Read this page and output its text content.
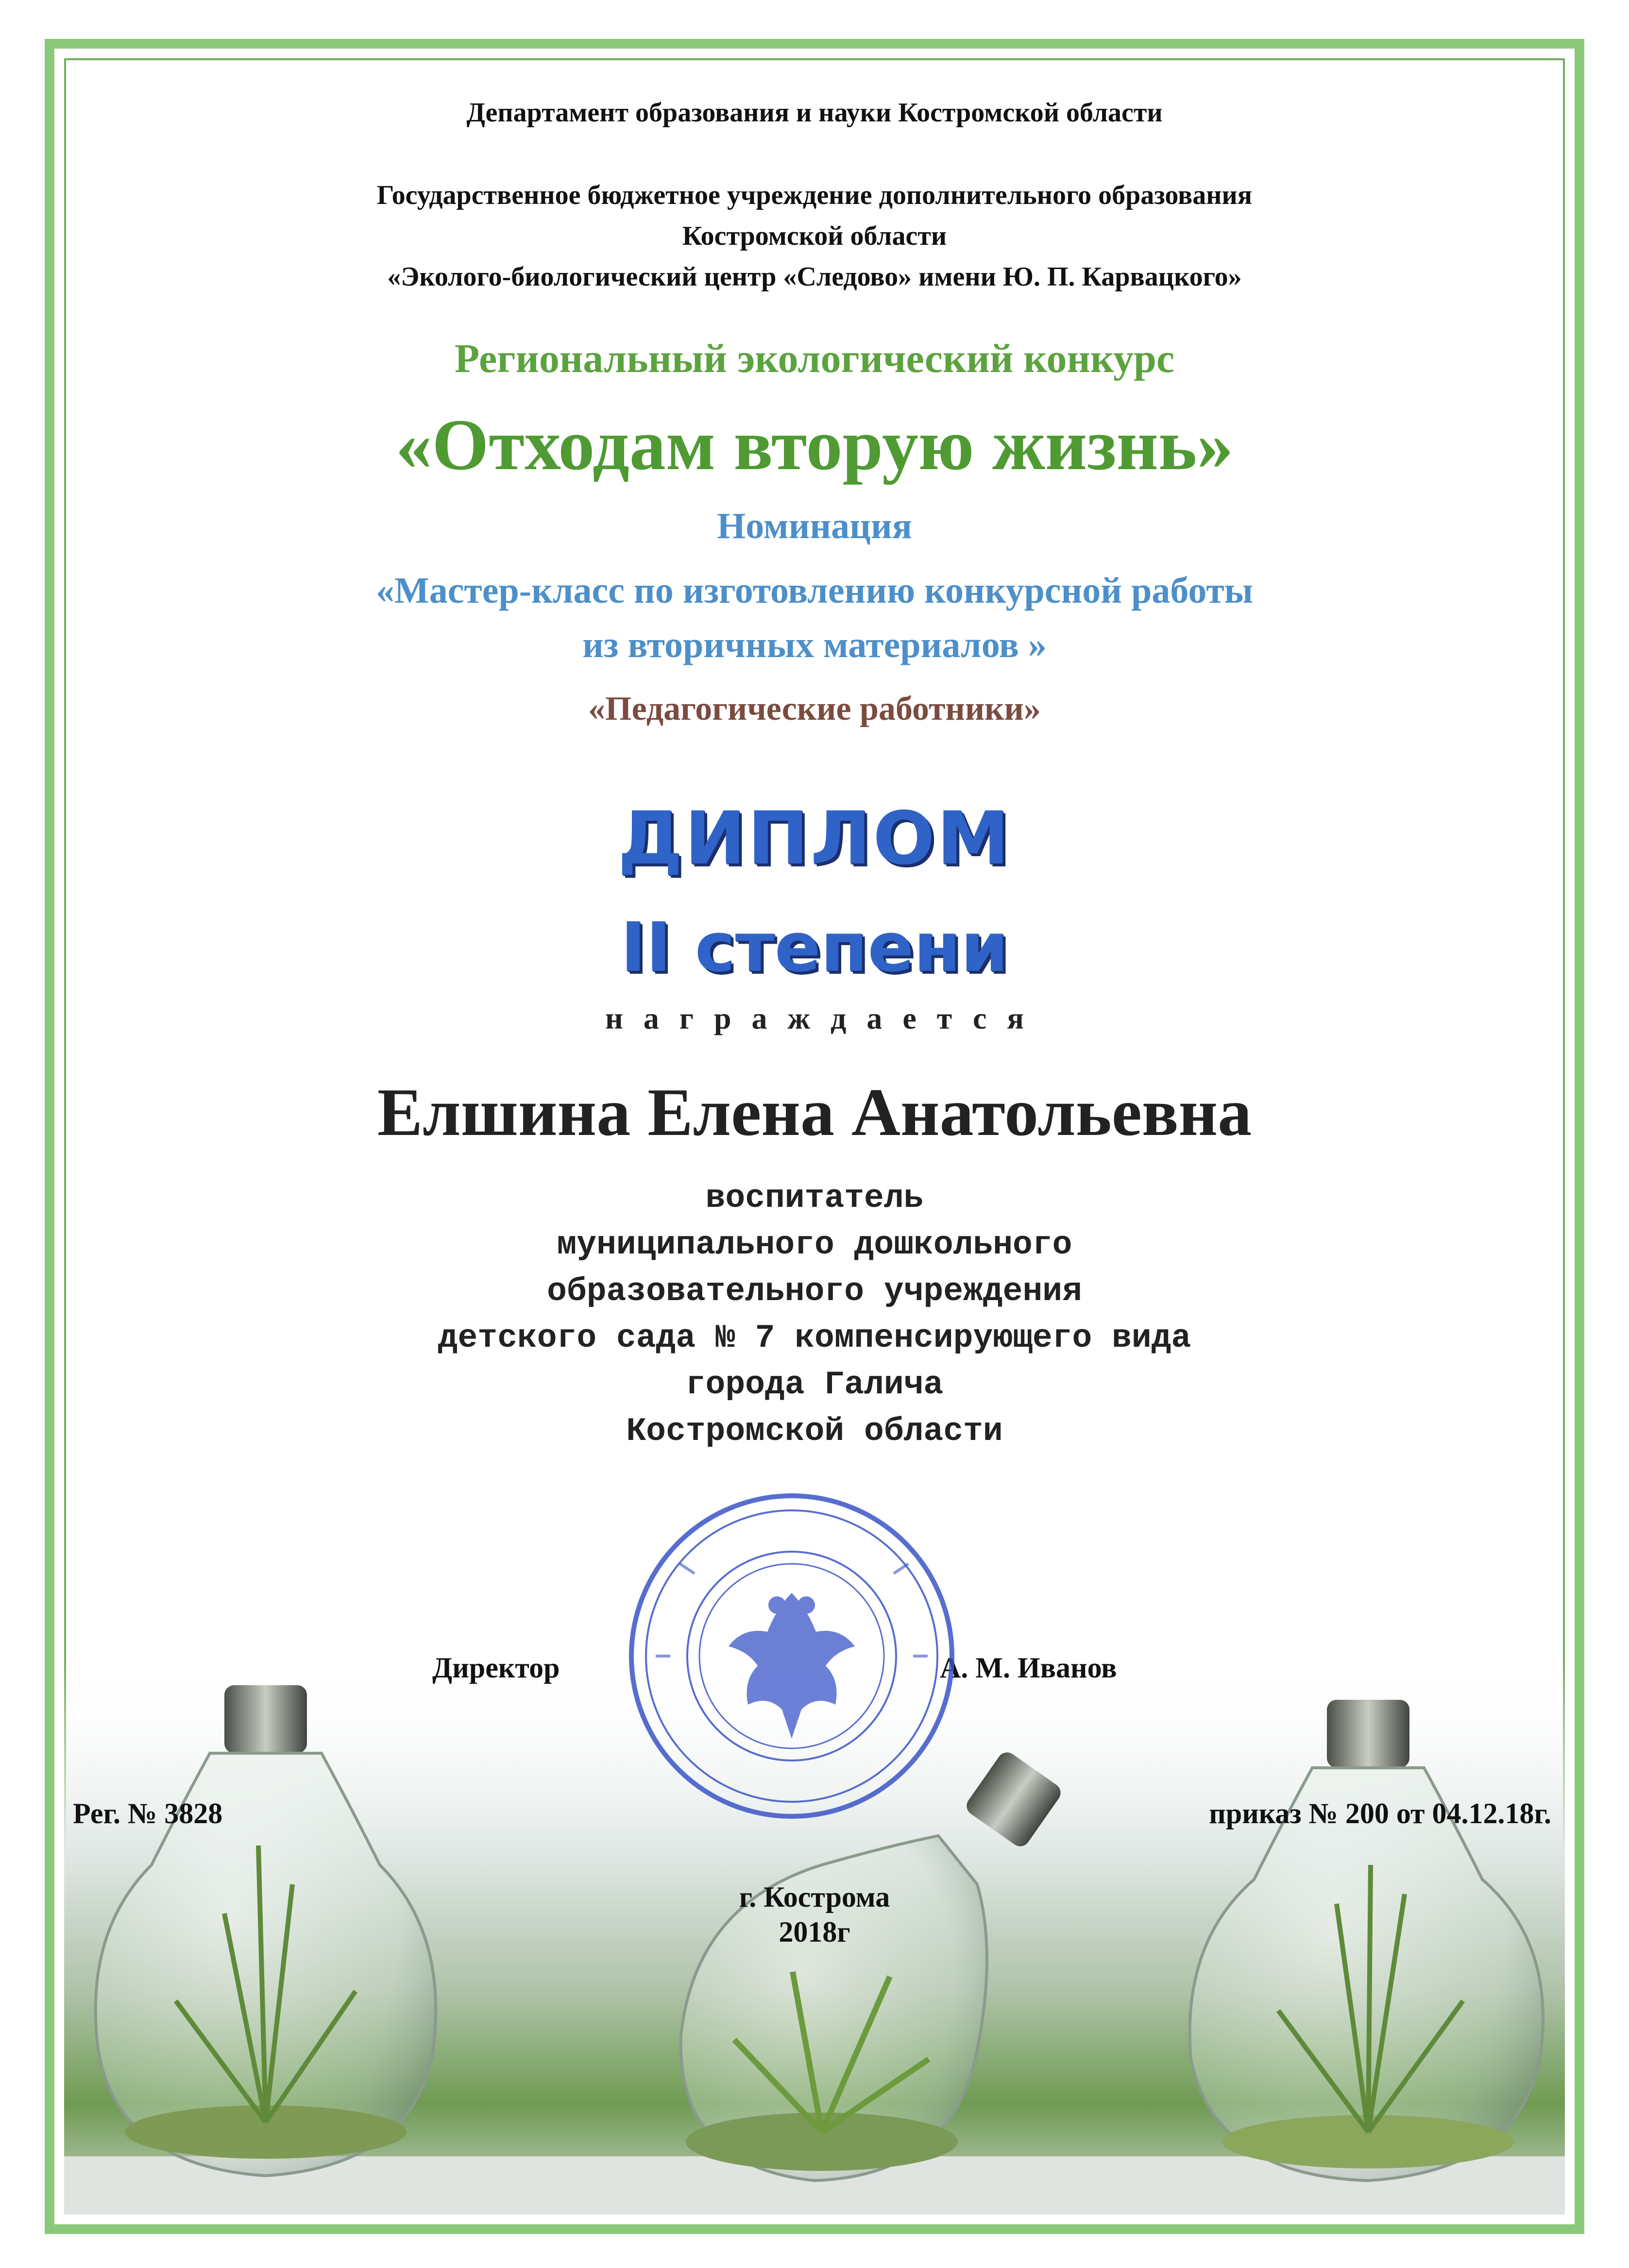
Департамент образования и науки Костромской области
Государственное бюджетное учреждение дополнительного образования
Костромской области
«Эколого-биологический центр «Следово» имени Ю. П. Карвацкого»
Региональный экологический конкурс
«Отходам вторую жизнь»
Номинация
«Мастер-класс по изготовлению конкурсной работы
из вторичных материалов »
«Педагогические работники»
ДИПЛОМ
II степени
награждается
Елшина Елена Анатольевна
воспитатель
муниципального дошкольного
образовательного учреждения
детского сада № 7 компенсирующего вида
города Галича
Костромской области
Директор	А. М. Иванов
Рег. № 3828	приказ № 200 от 04.12.18г.
г. Кострома
2018г
